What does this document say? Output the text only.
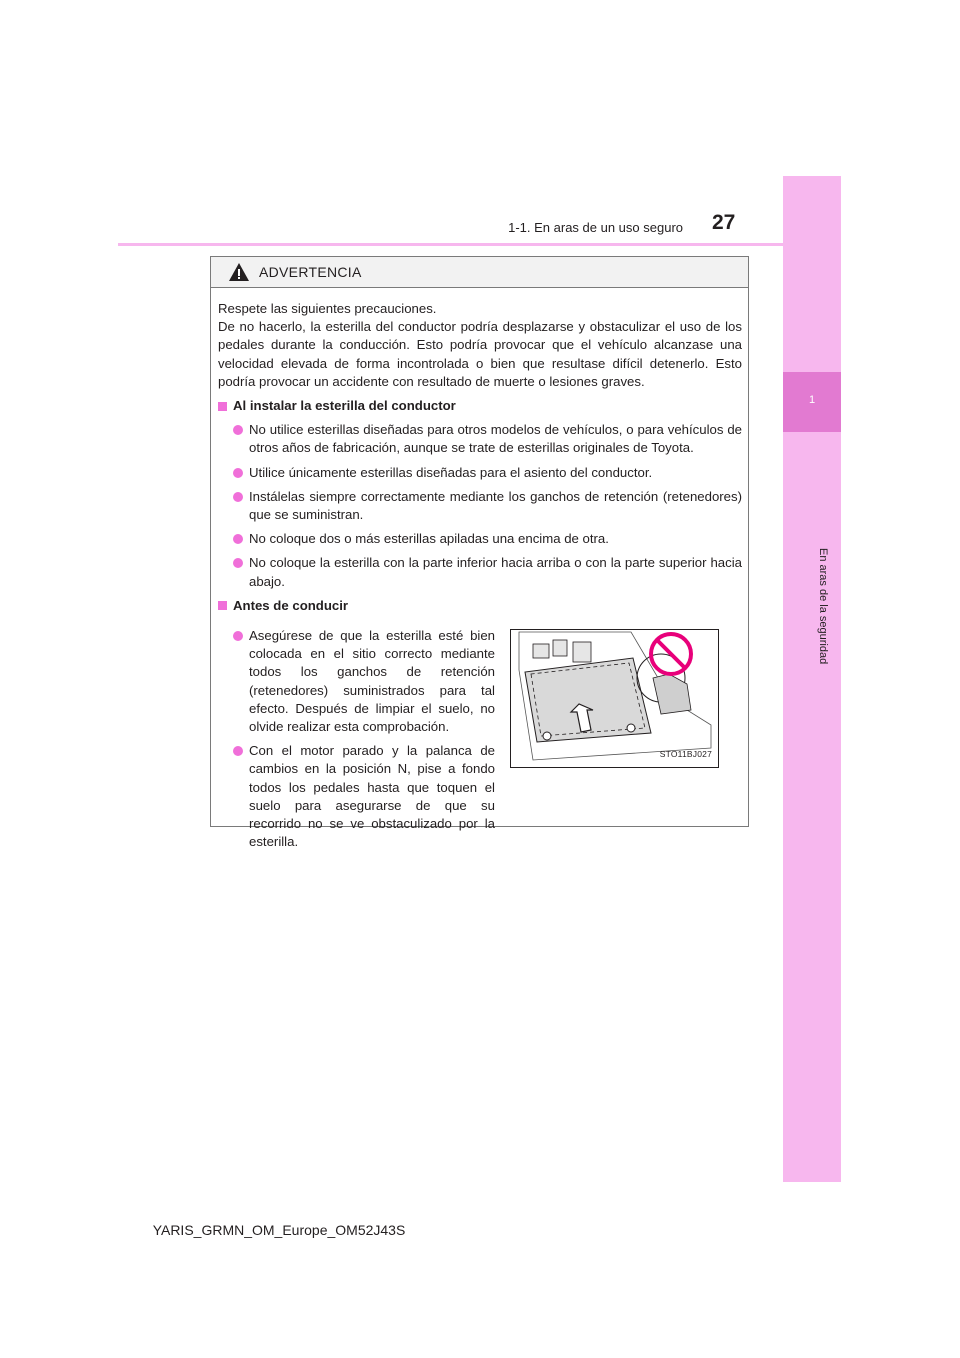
1
En aras de la seguridad
1-1. En aras de un uso seguro 27
ADVERTENCIA

Respete las siguientes precauciones.

De no hacerlo, la esterilla del conductor podría desplazarse y obstaculizar el uso de los pedales durante la conducción. Esto podría provocar que el vehículo alcanzase una velocidad elevada de forma incontrolada o bien que resultase difícil detenerlo. Esto podría provocar un accidente con resultado de muerte o lesiones graves.

Al instalar la esterilla del conductor
No utilice esterillas diseñadas para otros modelos de vehículos, o para vehículos de otros años de fabricación, aunque se trate de esterillas originales de Toyota.
Utilice únicamente esterillas diseñadas para el asiento del conductor.
Instálelas siempre correctamente mediante los ganchos de retención (retenedores) que se suministran.
No coloque dos o más esterillas apiladas una encima de otra.
No coloque la esterilla con la parte inferior hacia arriba o con la parte superior hacia abajo.
Antes de conducir
Asegúrese de que la esterilla esté bien colocada en el sitio correcto mediante todos los ganchos de retención (retenedores) suministrados para tal efecto. Después de limpiar el suelo, no olvide realizar esta comprobación.
Con el motor parado y la palanca de cambios en la posición N, pise a fondo todos los pedales hasta que toquen el suelo para asegurarse de que su recorrido no se ve obstaculizado por la esterilla.
STO11BJ027
YARIS_GRMN_OM_Europe_OM52J43S
